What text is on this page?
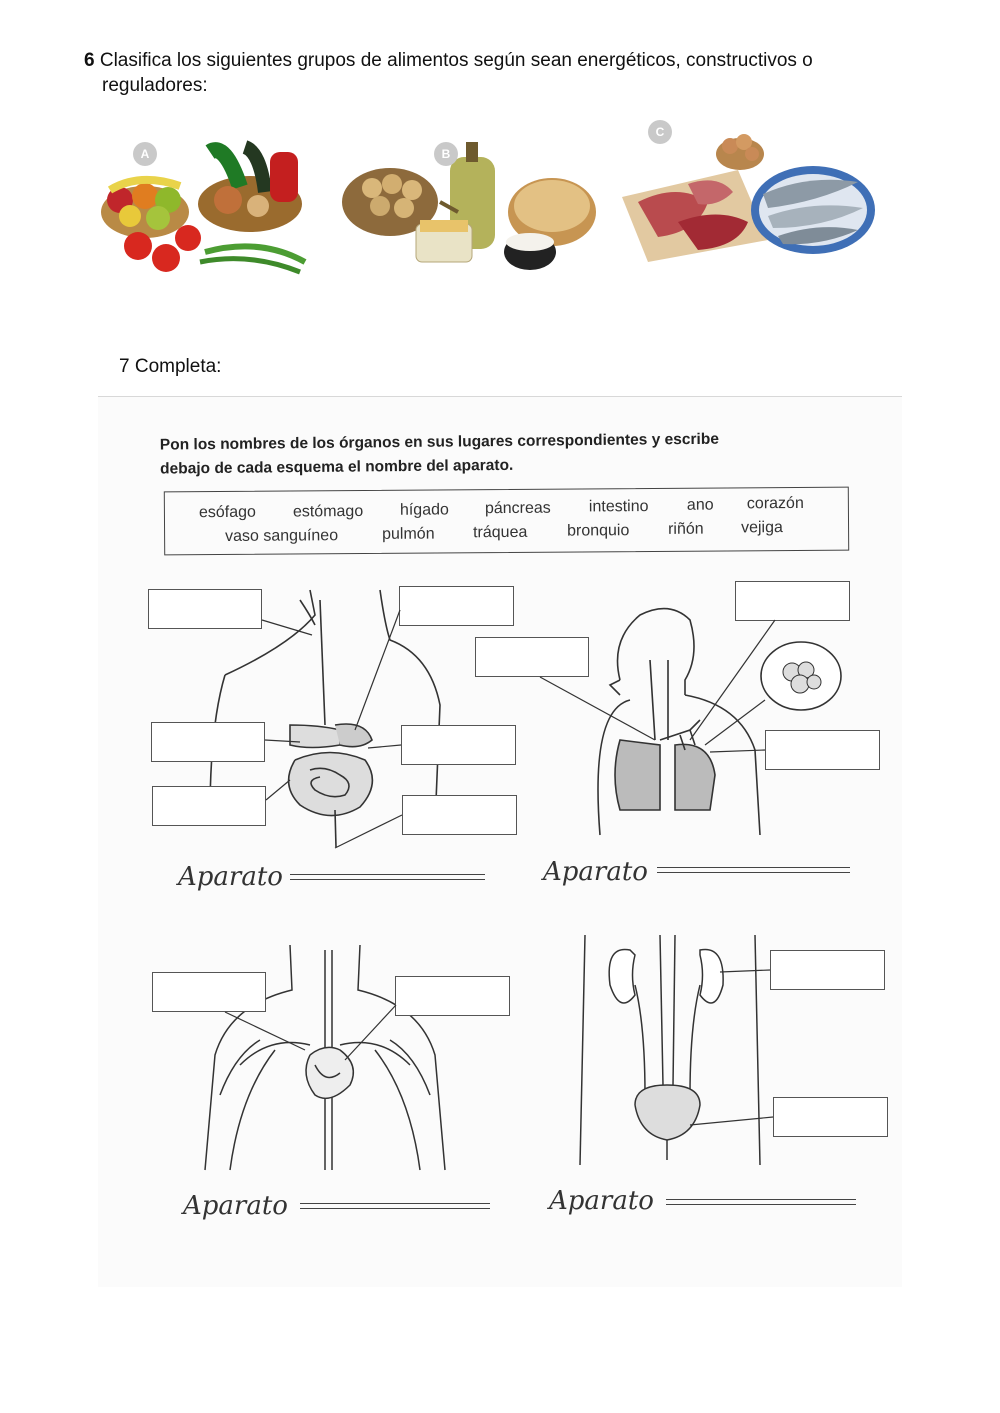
6 Clasifica los siguientes grupos de alimentos según sean energéticos, constructivos o
reguladores:
A	B
C
7 Completa:
Pon los nombres de los órganos en sus lugares correspondientes y escribe
debajo de cada esquema el nombre del aparato.
esófago estómago hígado páncreas intestino ano corazón
vaso sanguíneo	pulmón tráquea bronquio riñón vejiga
Aparato	Aparato
Aparato	Aparato
